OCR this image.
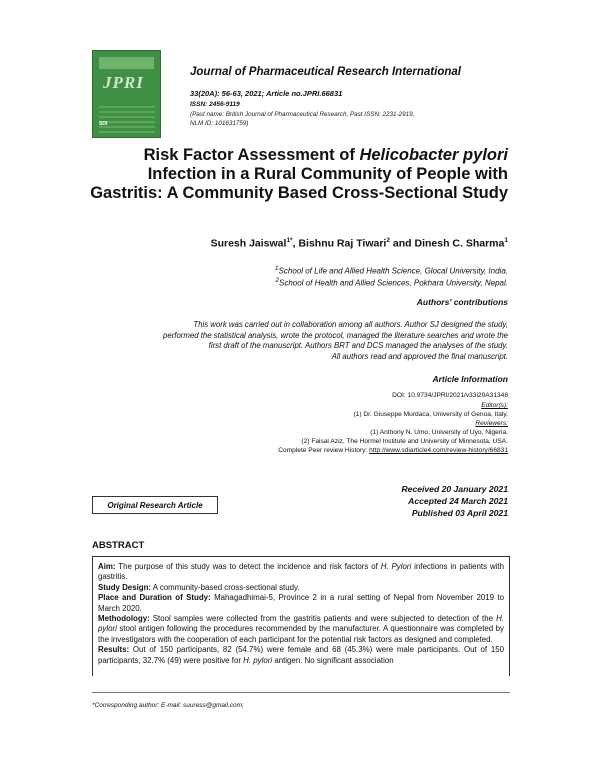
JPRI
SDI
Journal of Pharmaceutical Research International
33(20A): 56-63, 2021; Article no.JPRI.66831
ISSN: 2456-9119
(Past name: British Journal of Pharmaceutical Research, Past ISSN: 2231-2919,
NLM ID: 101631759)
Risk Factor Assessment of Helicobacter pylori Infection in a Rural Community of People with Gastritis: A Community Based Cross-Sectional Study
Suresh Jaiswal$^{1*}$, Bishnu Raj Tiwari$^2$ and Dinesh C. Sharma$^1$
$^1$School of Life and Allied Health Science, Glocal University, India.
$^2$School of Health and Allied Sciences, Pokhara University, Nepal.
Authors' contributions
This work was carried out in collaboration among all authors. Author SJ designed the study,
performed the statistical analysis, wrote the protocol, managed the literature searches and wrote the
first draft of the manuscript. Authors BRT and DCS managed the analyses of the study.
All authors read and approved the final manuscript.
Article Information
DOI: 10.9734/JPRI/2021/v33i20A31348
Editor(s):
(1) Dr. Giuseppe Murdaca, University of Genoa, Italy.
Reviewers:
(1) Anthony N. Umo, University of Uyo, Nigeria.
(2) Faisal Aziz, The Hormel Institute and University of Minnesota, USA.
Complete Peer review History: http://www.sdiarticle4.com/review-history/66831
Received 20 January 2021
Accepted 24 March 2021
Published 03 April 2021
Original Research Article
ABSTRACT

Aim: The purpose of this study was to detect the incidence and risk factors of H. Pylori infections in patients with gastritis.

Study Design: A community-based cross-sectional study.

Place and Duration of Study: Mahagadhimai-5, Province 2 in a rural setting of Nepal from November 2019 to March 2020.

Methodology: Stool samples were collected from the gastritis patients and were subjected to detection of the H. pylori stool antigen following the procedures recommended by the manufacturer. A questionnaire was completed by the investigators with the cooperation of each participant for the potential risk factors as designed and completed.

Results: Out of 150 participants, 82 (54.7%) were female and 68 (45.3%) were male participants. Out of 150 participants, 32.7% (49) were positive for H. pylori antigen. No significant association

*Corresponding author: E-mail: suuress@gmail.com;
